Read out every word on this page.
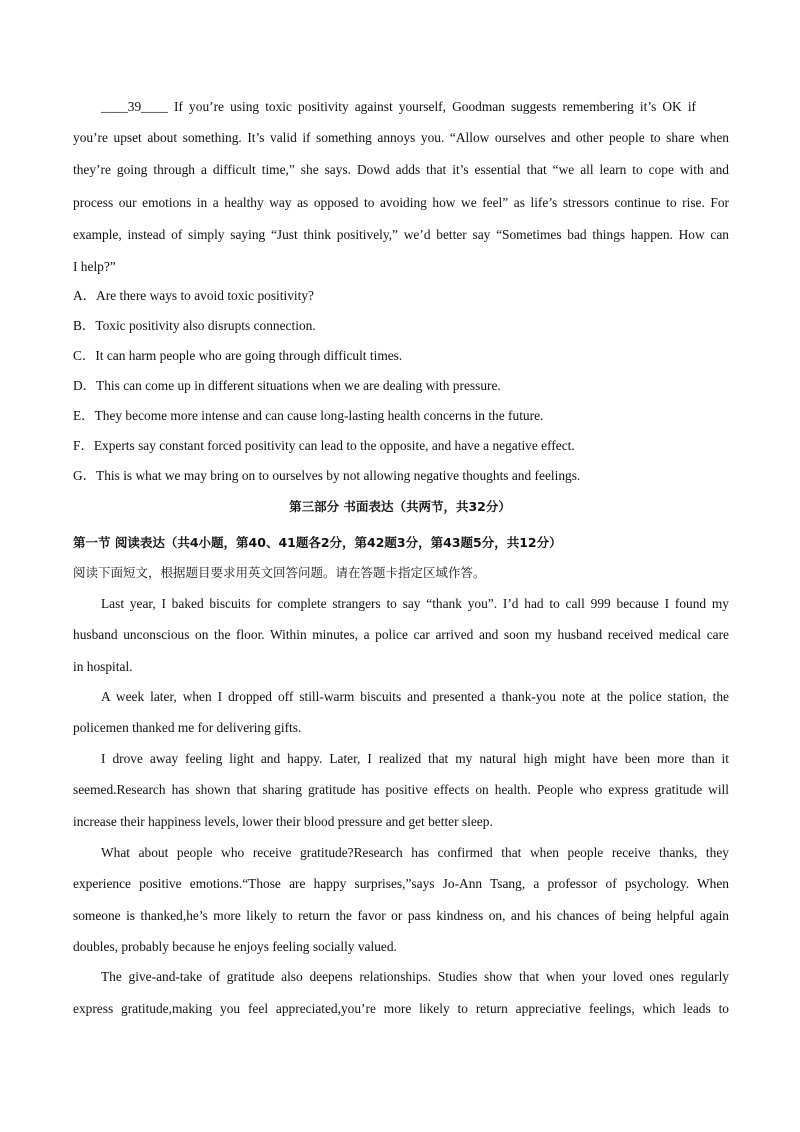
____39____ If you’re using toxic positivity against yourself, Goodman suggests remembering it’s OK if
you’re upset about something. It’s valid if something annoys you. “Allow ourselves and other people to share when
they’re going through a difficult time,” she says. Dowd adds that it’s essential that “we all learn to cope with and
process our emotions in a healthy way as opposed to avoiding how we feel” as life’s stressors continue to rise. For
example, instead of simply saying “Just think positively,” we’d better say “Sometimes bad things happen. How can
I help?”
A．Are there ways to avoid toxic positivity?
B．Toxic positivity also disrupts connection.
C．It can harm people who are going through difficult times.
D．This can come up in different situations when we are dealing with pressure.
E．They become more intense and can cause long-lasting health concerns in the future.
F．Experts say constant forced positivity can lead to the opposite, and have a negative effect.
G．This is what we may bring on to ourselves by not allowing negative thoughts and feelings.
第三部分 书面表达（共两节，共32分）
第一节 阅读表达（共4小题，第40、41题各2分，第42题3分，第43题5分，共12分）
阅读下面短文，根据题目要求用英文回答问题。请在答题卡指定区域作答。
Last year, I baked biscuits for complete strangers to say “thank you”. I’d had to call 999 because I found my
husband unconscious on the floor. Within minutes, a police car arrived and soon my husband received medical care
in hospital.
A week later, when I dropped off still-warm biscuits and presented a thank-you note at the police station, the
policemen thanked me for delivering gifts.
I drove away feeling light and happy. Later, I realized that my natural high might have been more than it
seemed.Research has shown that sharing gratitude has positive effects on health. People who express gratitude will
increase their happiness levels, lower their blood pressure and get better sleep.
What about people who receive gratitude?Research has confirmed that when people receive thanks, they
experience positive emotions.“Those are happy surprises,”says Jo-Ann Tsang, a professor of psychology. When
someone is thanked,he’s more likely to return the favor or pass kindness on, and his chances of being helpful again
doubles, probably because he enjoys feeling socially valued.
The give-and-take of gratitude also deepens relationships. Studies show that when your loved ones regularly
express gratitude,making you feel appreciated,you’re more likely to return appreciative feelings, which leads to
